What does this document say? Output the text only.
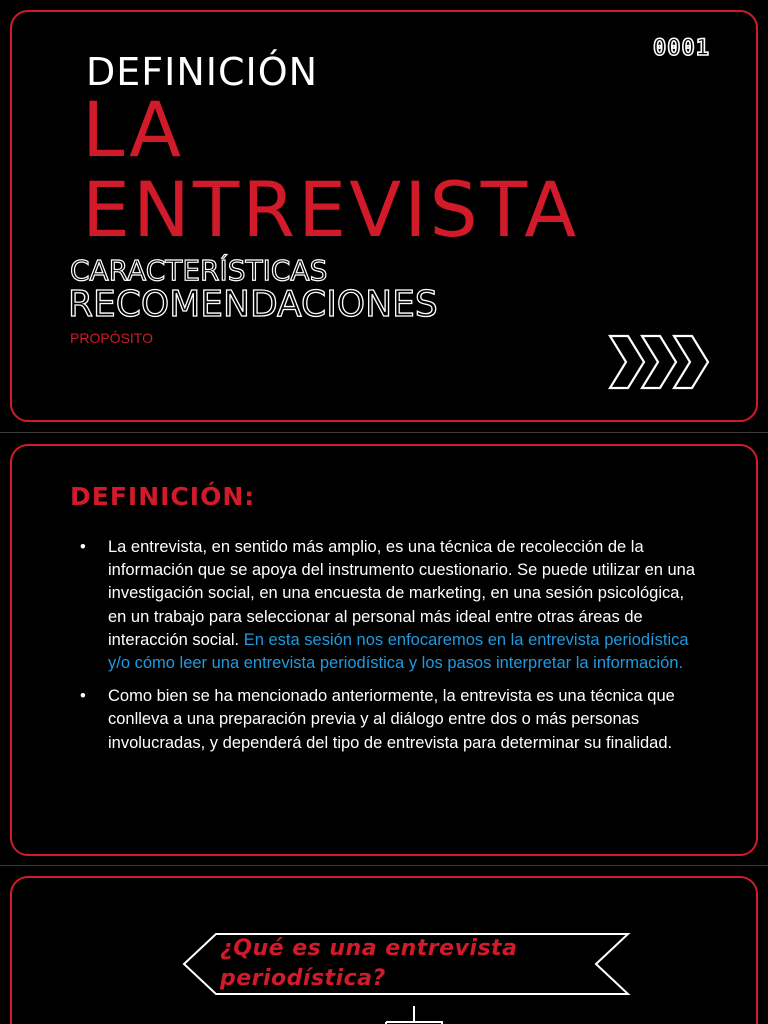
0001
DEFINICIÓN
LA
ENTREVISTA
CARACTERÍSTICAS
RECOMENDACIONES
PROPÓSITO
DEFINICIÓN:
• La entrevista, en sentido más amplio, es una técnica de recolección de la información que se apoya del instrumento cuestionario. Se puede utilizar en una investigación social, en una encuesta de marketing, en una sesión psicológica, en un trabajo para seleccionar al personal más ideal entre otras áreas de interacción social. En esta sesión nos enfocaremos en la entrevista periodística y/o cómo leer una entrevista periodística y los pasos interpretar la información.
• Como bien se ha mencionado anteriormente, la entrevista es una técnica que conlleva a una preparación previa y al diálogo entre dos o más personas involucradas, y dependerá del tipo de entrevista para determinar su finalidad.
¿Qué es una entrevista periodística?
